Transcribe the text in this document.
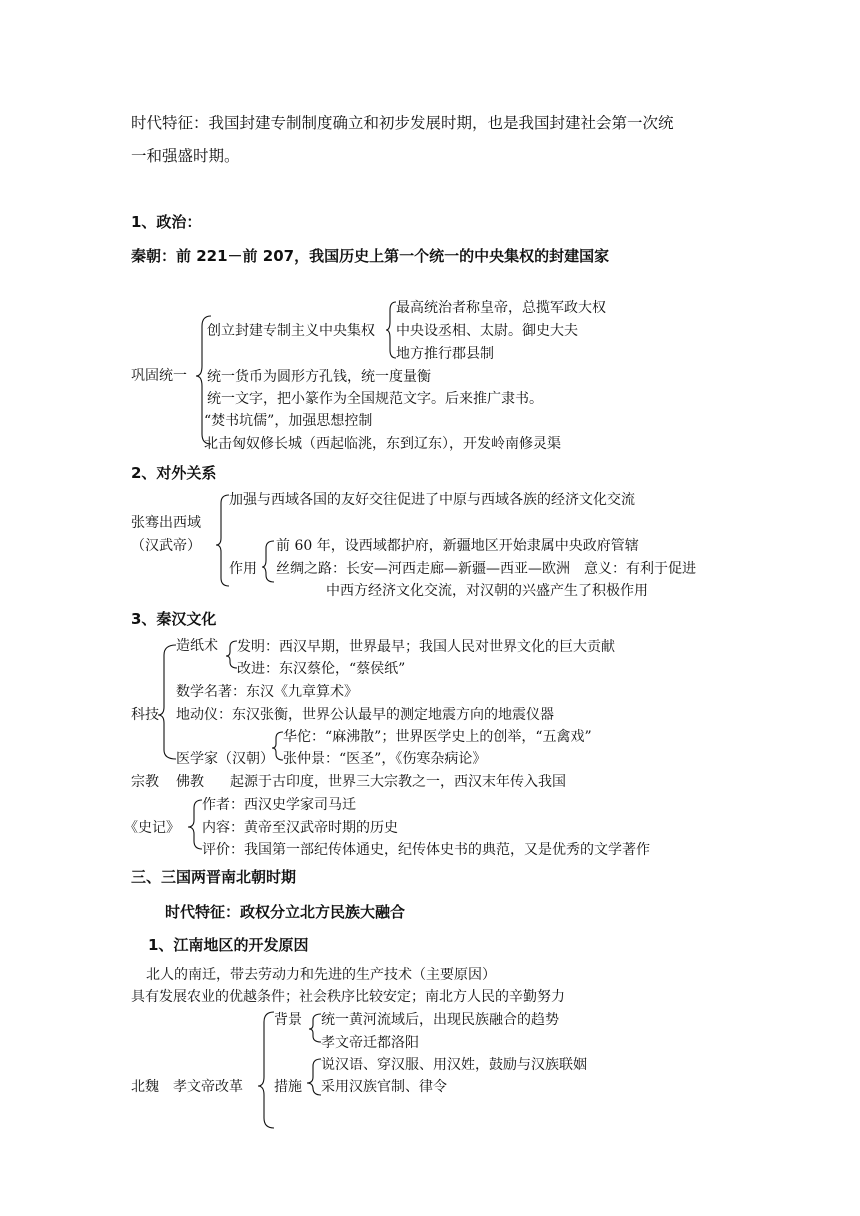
时代特征：我国封建专制制度确立和初步发展时期，也是我国封建社会第一次统
一和强盛时期。
1、政治：
秦朝：前 221－前 207，我国历史上第一个统一的中央集权的封建国家
巩固统一
创立封建专制主义中央集权
最高统治者称皇帝，总揽军政大权
中央设丞相、太尉。御史大夫
地方推行郡县制
统一货币为圆形方孔钱，统一度量衡
统一文字，把小篆作为全国规范文字。后来推广隶书。
“焚书坑儒”，加强思想控制
北击匈奴修长城（西起临洮，东到辽东），开发岭南修灵渠
2、对外关系
张骞出西域
（汉武帝）
加强与西域各国的友好交往促进了中原与西域各族的经济文化交流
作用
前 60 年，设西域都护府，新疆地区开始隶属中央政府管辖
丝绸之路：长安—河西走廊—新疆—西亚—欧洲　意义：有利于促进
中西方经济文化交流，对汉朝的兴盛产生了积极作用
3、秦汉文化
科技
造纸术 发明：西汉早期，世界最早；我国人民对世界文化的巨大贡献
改进：东汉蔡伦，“蔡侯纸”
数学名著：东汉《九章算术》
地动仪：东汉张衡，世界公认最早的测定地震方向的地震仪器
医学家（汉朝）
华佗：“麻沸散”；世界医学史上的创举，“五禽戏”
张仲景：“医圣”，《伤寒杂病论》
宗教 佛教 起源于古印度，世界三大宗教之一，西汉末年传入我国
《史记》
作者：西汉史学家司马迁
内容：黄帝至汉武帝时期的历史
评价：我国第一部纪传体通史，纪传体史书的典范，又是优秀的文学著作
三、三国两晋南北朝时期
时代特征：政权分立北方民族大融合
1、江南地区的开发原因
北人的南迁，带去劳动力和先进的生产技术（主要原因）
具有发展农业的优越条件；社会秩序比较安定；南北方人民的辛勤努力
北魏　孝文帝改革
背景 统一黄河流域后，出现民族融合的趋势
孝文帝迁都洛阳
措施
说汉语、穿汉服、用汉姓，鼓励与汉族联姻
采用汉族官制、律令
